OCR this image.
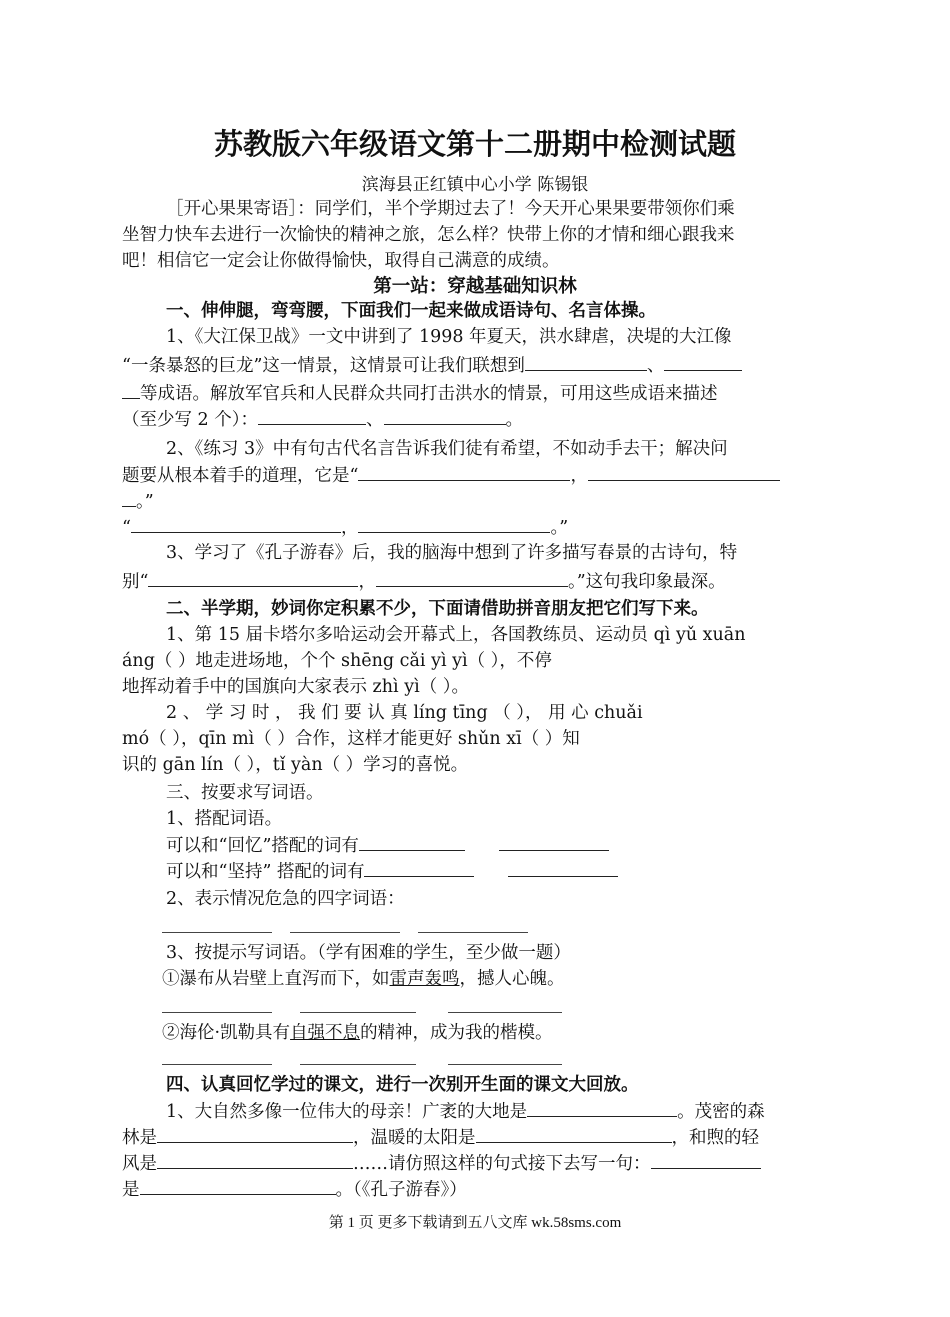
苏教版六年级语文第十二册期中检测试题
滨海县正红镇中心小学 陈锡银
［开心果果寄语］：同学们，半个学期过去了！今天开心果果要带领你们乘
坐智力快车去进行一次愉快的精神之旅，怎么样？快带上你的才情和细心跟我来
吧！相信它一定会让你做得愉快，取得自己满意的成绩。
第一站：穿越基础知识林
一、伸伸腿，弯弯腰，下面我们一起来做成语诗句、名言体操。
1、《大江保卫战》一文中讲到了 1998 年夏天，洪水肆虐，决堤的大江像
“一条暴怒的巨龙”这一情景，这情景可让我们联想到	、
等成语。解放军官兵和人民群众共同打击洪水的情景，可用这些成语来描述
（至少写 2 个）：	、	。
2、《练习 3》中有句古代名言告诉我们徒有希望，不如动手去干；解决问
题要从根本着手的道理，它是“	，
。”
“	，	。”
3、学习了《孔子游春》后，我的脑海中想到了许多描写春景的古诗句，特
别“	，	。”这句我印象最深。
二、半学期，妙词你定积累不少，下面请借助拼音朋友把它们写下来。
1、第 15 届卡塔尔多哈运动会开幕式上，各国教练员、运动员 qì yǔ xuān
áng（ ）地走进场地，个个 shēng cǎi yì yì（ ），不停
地挥动着手中的国旗向大家表示 zhì yì（ ）。
2 、 学 习 时 ， 我 们 要 认 真 líng tīng （ ）， 用 心 chuǎi
mó（ ），qīn mì（ ）合作，这样才能更好 shǔn xī（ ）知
识的 gān lín（ ），tǐ yàn（ ）学习的喜悦。
三、按要求写词语。
1、搭配词语。
可以和“回忆”搭配的词有
可以和“坚持” 搭配的词有
2、表示情况危急的四字词语：
3、按提示写词语。（学有困难的学生，至少做一题）
①瀑布从岩壁上直泻而下，如雷声轰鸣，撼人心魄。
②海伦·凯勒具有自强不息的精神，成为我的楷模。
四、认真回忆学过的课文，进行一次别开生面的课文大回放。
1、大自然多像一位伟大的母亲！广袤的大地是	。茂密的森
林是	，温暖的太阳是	，和煦的轻
风是	……请仿照这样的句式接下去写一句：
是	。（《孔子游春》）
第 1 页 更多下载请到五八文库 wk.58sms.com
